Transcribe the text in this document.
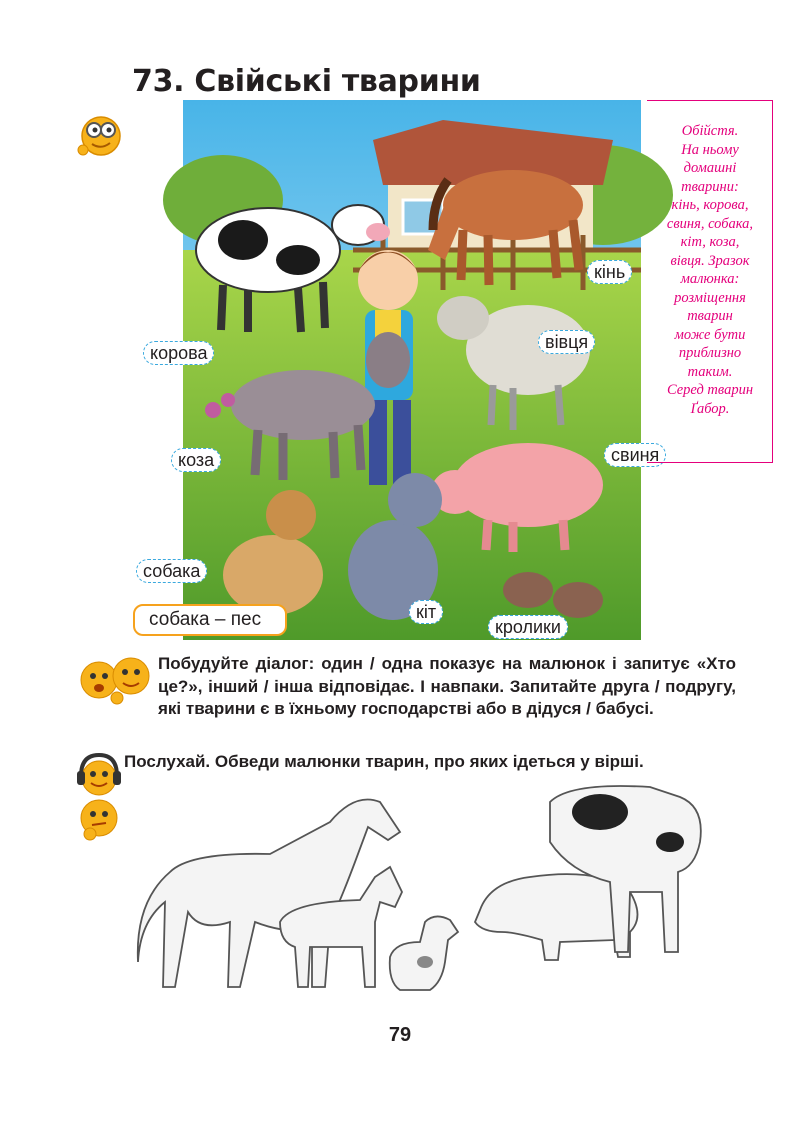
73. Свійські тварини
кінь
вівця
свиня
кіт
кролики
корова
коза
собака
собака – пес
Обійстя.
На ньому
домашні
тварини:
кінь, корова,
свиня, собака,
кіт, коза,
вівця. Зразок
малюнка:
розміщення
тварин
може бути
приблизно
таким.
Серед тварин
Ґабор.
Побудуйте діалог: один / одна показує на малюнок і запитує «Хто це?», інший / інша відповідає. І навпаки. Запитайте друга / подругу, які тварини є в їхньому господарстві або в дідуся / бабусі.
Послухай. Обведи малюнки тварин, про яких ідеться у вірші.
79
